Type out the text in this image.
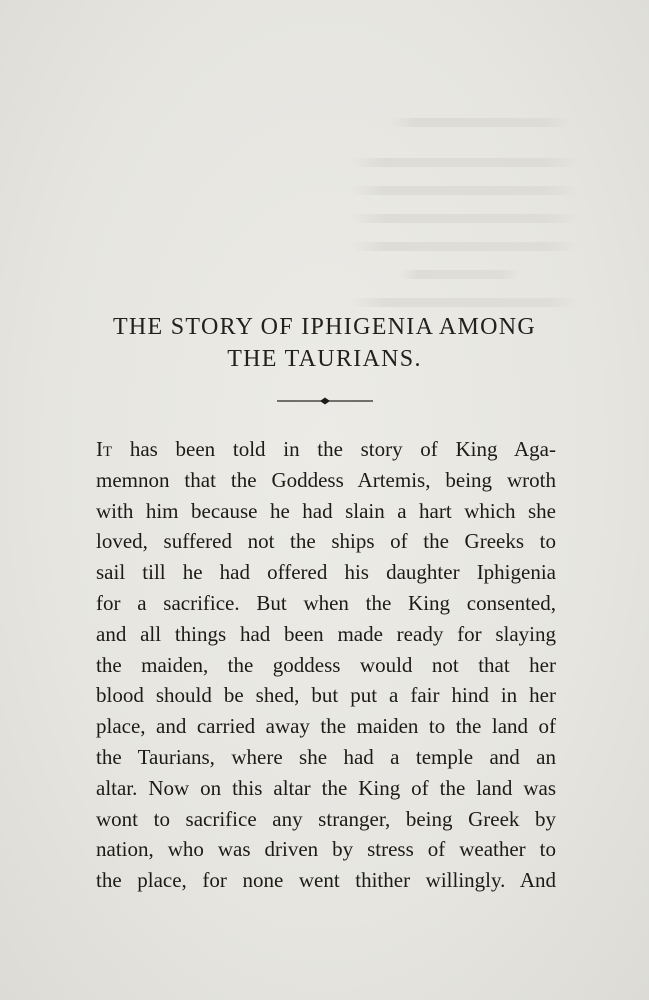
THE STORY OF IPHIGENIA AMONG
THE TAURIANS.
It has been told in the story of King Aga-
memnon that the Goddess Artemis, being wroth
with him because he had slain a hart which she
loved, suffered not the ships of the Greeks to
sail till he had offered his daughter Iphigenia
for a sacrifice. But when the King consented,
and all things had been made ready for slaying
the maiden, the goddess would not that her
blood should be shed, but put a fair hind in her
place, and carried away the maiden to the land of
the Taurians, where she had a temple and an
altar. Now on this altar the King of the land was
wont to sacrifice any stranger, being Greek by
nation, who was driven by stress of weather to
the place, for none went thither willingly. And
